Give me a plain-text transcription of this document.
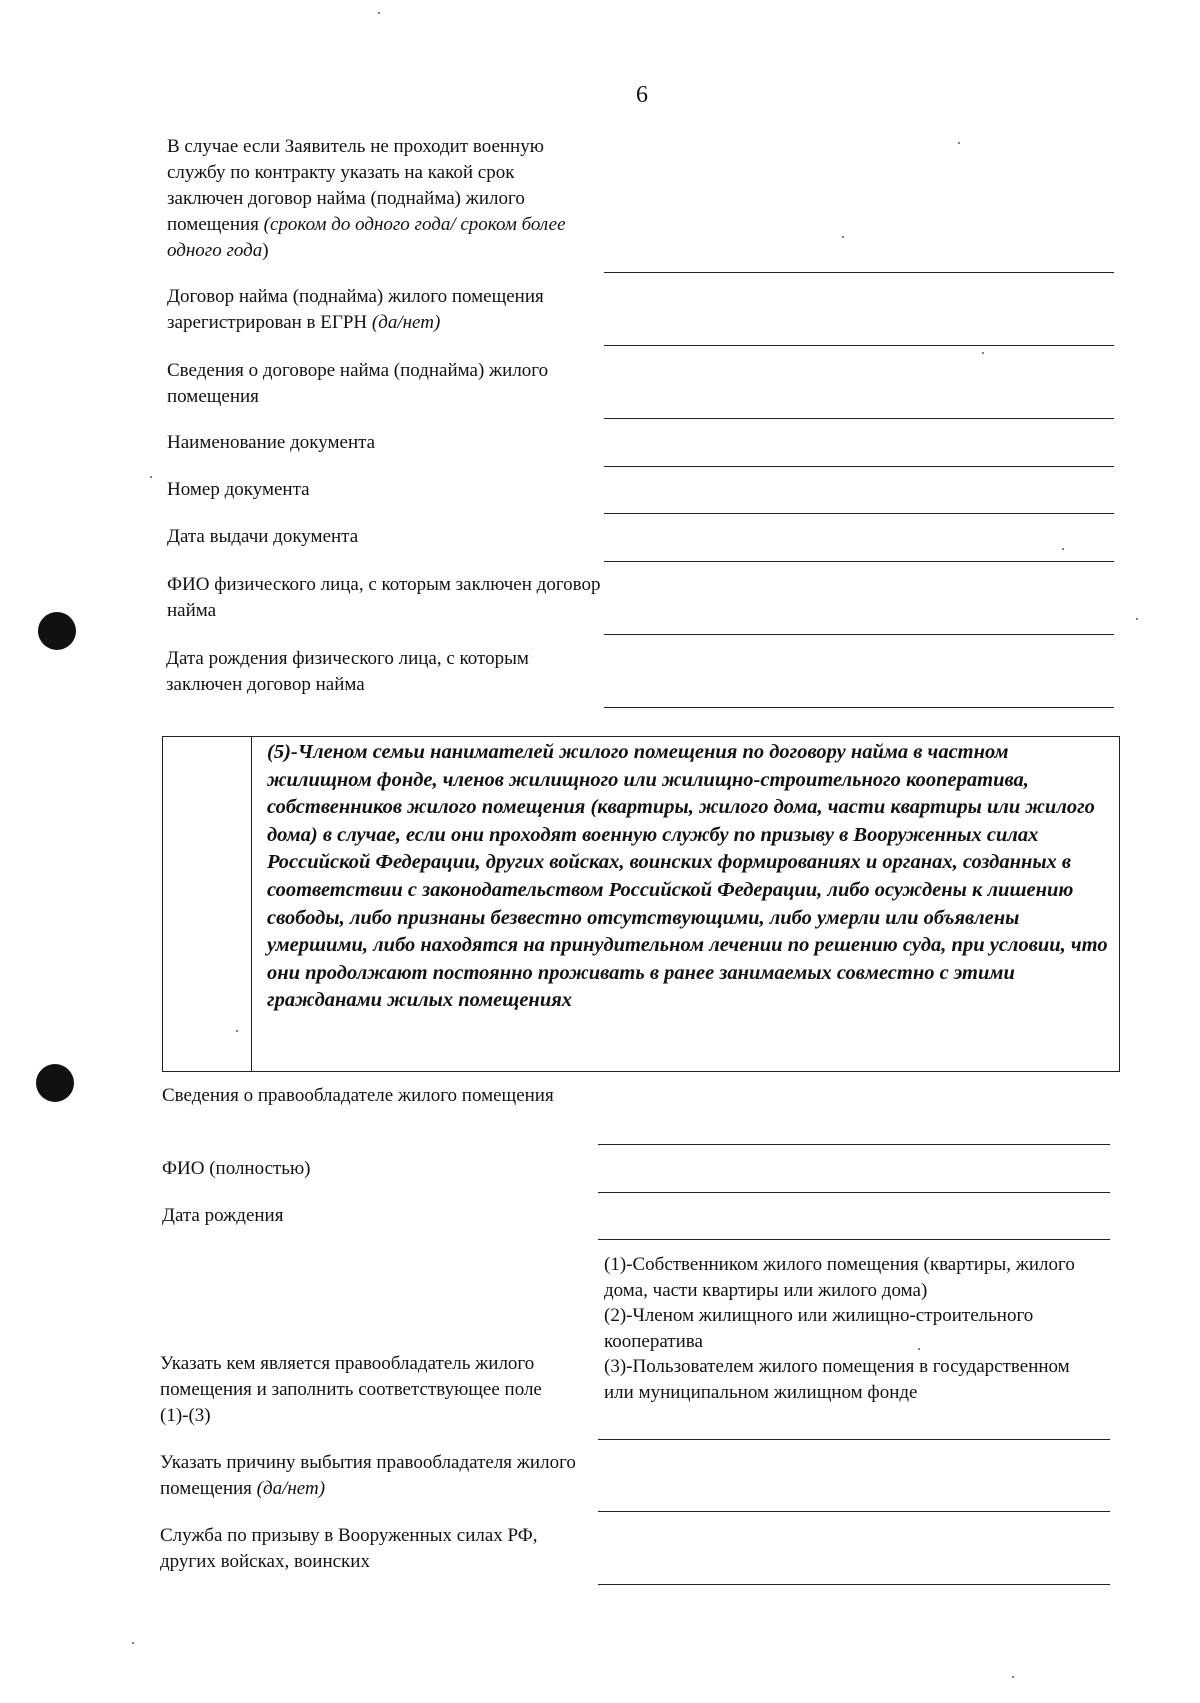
6
В случае если Заявитель не проходит военную службу по контракту указать на какой срок заключен договор найма (поднайма) жилого помещения (сроком до одного года/ сроком более одного года)
Договор найма (поднайма) жилого помещения зарегистрирован в ЕГРН (да/нет)
Сведения о договоре найма (поднайма) жилого помещения
Наименование документа
Номер документа
Дата выдачи документа
ФИО физического лица, с которым заключен договор найма
Дата рождения физического лица, с которым заключен договор найма
(5)-Членом семьи нанимателей жилого помещения по договору найма в частном жилищном фонде, членов жилищного или жилищно-строительного кооператива, собственников жилого помещения (квартиры, жилого дома, части квартиры или жилого дома) в случае, если они проходят военную службу по призыву в Вооруженных силах Российской Федерации, других войсках, воинских формированиях и органах, созданных в соответствии с законодательством Российской Федерации, либо осуждены к лишению свободы, либо признаны безвестно отсутствующими, либо умерли или объявлены умершими, либо находятся на принудительном лечении по решению суда, при условии, что они продолжают постоянно проживать в ранее занимаемых совместно с этими гражданами жилых помещениях
Сведения о правообладателе жилого помещения
ФИО (полностью)
Дата рождения
(1)-Собственником жилого помещения (квартиры, жилого дома, части квартиры или жилого дома)
(2)-Членом жилищного или жилищно-строительного кооператива
(3)-Пользователем жилого помещения в государственном или муниципальном жилищном фонде
Указать кем является правообладатель жилого помещения и заполнить соответствующее поле (1)-(3)
Указать причину выбытия правообладателя жилого помещения (да/нет)
Служба по призыву в Вооруженных силах РФ, других войсках, воинских
